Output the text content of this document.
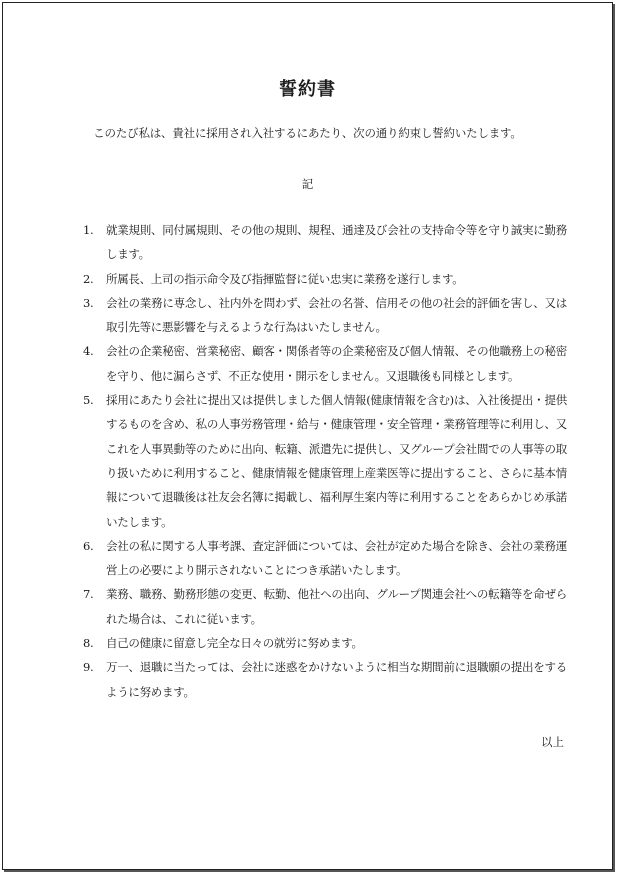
誓約書
このたび私は、貴社に採用され入社するにあたり、次の通り約束し誓約いたします。
記
1.	就業規則、同付属規則、その他の規則、規程、通達及び会社の支持命令等を守り誠実に勤務します。
2.	所属長、上司の指示命令及び指揮監督に従い忠実に業務を遂行します。
3.	会社の業務に専念し、社内外を問わず、会社の名誉、信用その他の社会的評価を害し、又は取引先等に悪影響を与えるような行為はいたしません。
4.	会社の企業秘密、営業秘密、顧客・関係者等の企業秘密及び個人情報、その他職務上の秘密を守り、他に漏らさず、不正な使用・開示をしません。又退職後も同様とします。
5.	採用にあたり会社に提出又は提供しました個人情報(健康情報を含む)は、入社後提出・提供するものを含め、私の人事労務管理・給与・健康管理・安全管理・業務管理等に利用し、又これを人事異動等のために出向、転籍、派遣先に提供し、又グループ会社間での人事等の取り扱いために利用すること、健康情報を健康管理上産業医等に提出すること、さらに基本情報について退職後は社友会名簿に掲載し、福利厚生案内等に利用することをあらかじめ承諾いたします。
6.	会社の私に関する人事考課、査定評価については、会社が定めた場合を除き、会社の業務運営上の必要により開示されないことにつき承諾いたします。
7.	業務、職務、勤務形態の変更、転勤、他社への出向、グループ関連会社への転籍等を命ぜられた場合は、これに従います。
8.	自己の健康に留意し完全な日々の就労に努めます。
9.	万一、退職に当たっては、会社に迷惑をかけないように相当な期間前に退職願の提出をするように努めます。
以上
